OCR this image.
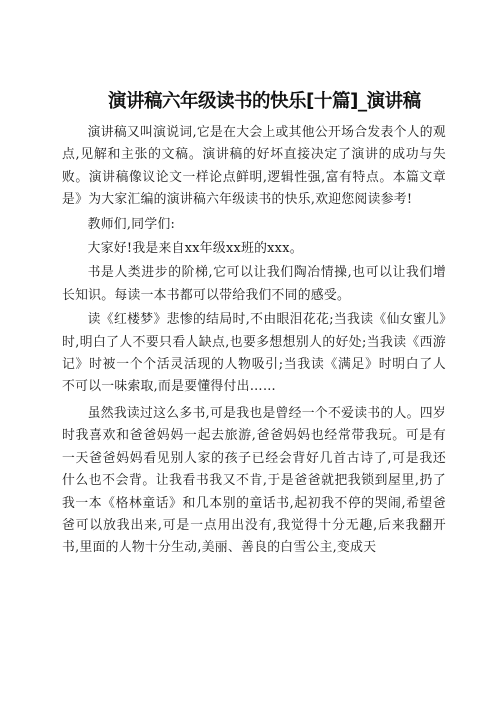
演讲稿六年级读书的快乐[十篇]_演讲稿

演讲稿又叫演说词,它是在大会上或其他公开场合发表个人的观点,见解和主张的文稿。演讲稿的好坏直接决定了演讲的成功与失败。演讲稿像议论文一样论点鲜明,逻辑性强,富有特点。本篇文章是》为大家汇编的演讲稿六年级读书的快乐,欢迎您阅读参考!

教师们,同学们:

大家好!我是来自xx年级xx班的xxx。

书是人类进步的阶梯,它可以让我们陶冶情操,也可以让我们增长知识。每读一本书都可以带给我们不同的感受。

读《红楼梦》悲惨的结局时,不由眼泪花花;当我读《仙女蜜儿》时,明白了人不要只看人缺点,也要多想想别人的好处;当我读《西游记》时被一个个活灵活现的人物吸引;当我读《满足》时明白了人不可以一味索取,而是要懂得付出……

虽然我读过这么多书,可是我也是曾经一个不爱读书的人。四岁时我喜欢和爸爸妈妈一起去旅游,爸爸妈妈也经常带我玩。可是有一天爸爸妈妈看见别人家的孩子已经会背好几首古诗了,可是我还什么也不会背。让我看书我又不肯,于是爸爸就把我锁到屋里,扔了我一本《格林童话》和几本别的童话书,起初我不停的哭闹,希望爸爸可以放我出来,可是一点用出没有,我觉得十分无趣,后来我翻开书,里面的人物十分生动,美丽、善良的白雪公主,变成天
